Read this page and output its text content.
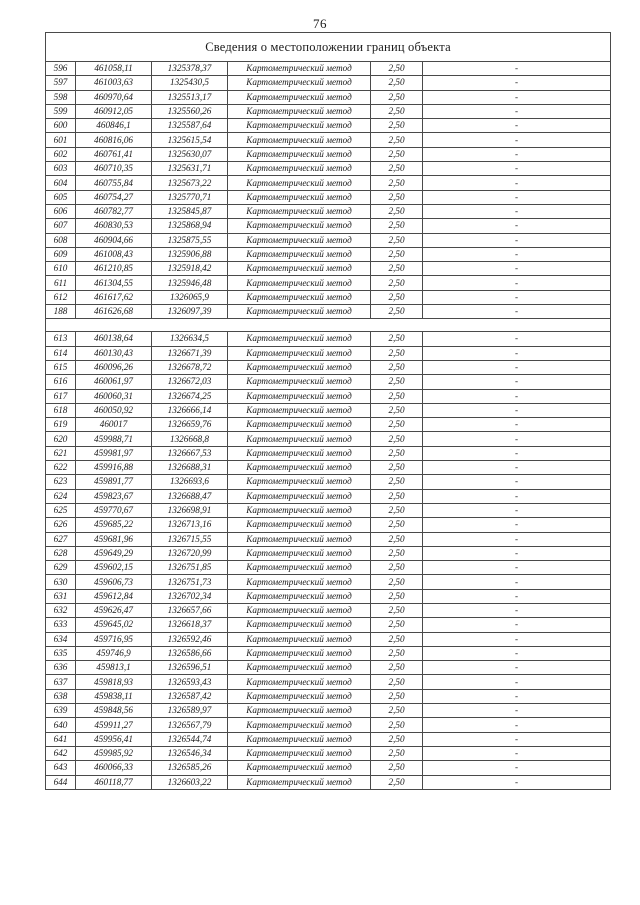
76
Сведения о местоположении границ объекта					
596	461058,11	1325378,37	Картометрический метод	2,50	-
597	461003,63	1325430,5	Картометрический метод	2,50	-
598	460970,64	1325513,17	Картометрический метод	2,50	-
599	460912,05	1325560,26	Картометрический метод	2,50	-
600	460846,1	1325587,64	Картометрический метод	2,50	-
601	460816,06	1325615,54	Картометрический метод	2,50	-
602	460761,41	1325630,07	Картометрический метод	2,50	-
603	460710,35	1325631,71	Картометрический метод	2,50	-
604	460755,84	1325673,22	Картометрический метод	2,50	-
605	460754,27	1325770,71	Картометрический метод	2,50	-
606	460782,77	1325845,87	Картометрический метод	2,50	-
607	460830,53	1325868,94	Картометрический метод	2,50	-
608	460904,66	1325875,55	Картометрический метод	2,50	-
609	461008,43	1325906,88	Картометрический метод	2,50	-
610	461210,85	1325918,42	Картометрический метод	2,50	-
611	461304,55	1325946,48	Картометрический метод	2,50	-
612	461617,62	1326065,9	Картометрический метод	2,50	-
188	461626,68	1326097,39	Картометрический метод	2,50	-

613	460138,64	1326634,5	Картометрический метод	2,50	-
614	460130,43	1326671,39	Картометрический метод	2,50	-
615	460096,26	1326678,72	Картометрический метод	2,50	-
616	460061,97	1326672,03	Картометрический метод	2,50	-
617	460060,31	1326674,25	Картометрический метод	2,50	-
618	460050,92	1326666,14	Картометрический метод	2,50	-
619	460017	1326659,76	Картометрический метод	2,50	-
620	459988,71	1326668,8	Картометрический метод	2,50	-
621	459981,97	1326667,53	Картометрический метод	2,50	-
622	459916,88	1326688,31	Картометрический метод	2,50	-
623	459891,77	1326693,6	Картометрический метод	2,50	-
624	459823,67	1326688,47	Картометрический метод	2,50	-
625	459770,67	1326698,91	Картометрический метод	2,50	-
626	459685,22	1326713,16	Картометрический метод	2,50	-
627	459681,96	1326715,55	Картометрический метод	2,50	-
628	459649,29	1326720,99	Картометрический метод	2,50	-
629	459602,15	1326751,85	Картометрический метод	2,50	-
630	459606,73	1326751,73	Картометрический метод	2,50	-
631	459612,84	1326702,34	Картометрический метод	2,50	-
632	459626,47	1326657,66	Картометрический метод	2,50	-
633	459645,02	1326618,37	Картометрический метод	2,50	-
634	459716,95	1326592,46	Картометрический метод	2,50	-
635	459746,9	1326586,66	Картометрический метод	2,50	-
636	459813,1	1326596,51	Картометрический метод	2,50	-
637	459818,93	1326593,43	Картометрический метод	2,50	-
638	459838,11	1326587,42	Картометрический метод	2,50	-
639	459848,56	1326589,97	Картометрический метод	2,50	-
640	459911,27	1326567,79	Картометрический метод	2,50	-
641	459956,41	1326544,74	Картометрический метод	2,50	-
642	459985,92	1326546,34	Картометрический метод	2,50	-
643	460066,33	1326585,26	Картометрический метод	2,50	-
644	460118,77	1326603,22	Картометрический метод	2,50	-
